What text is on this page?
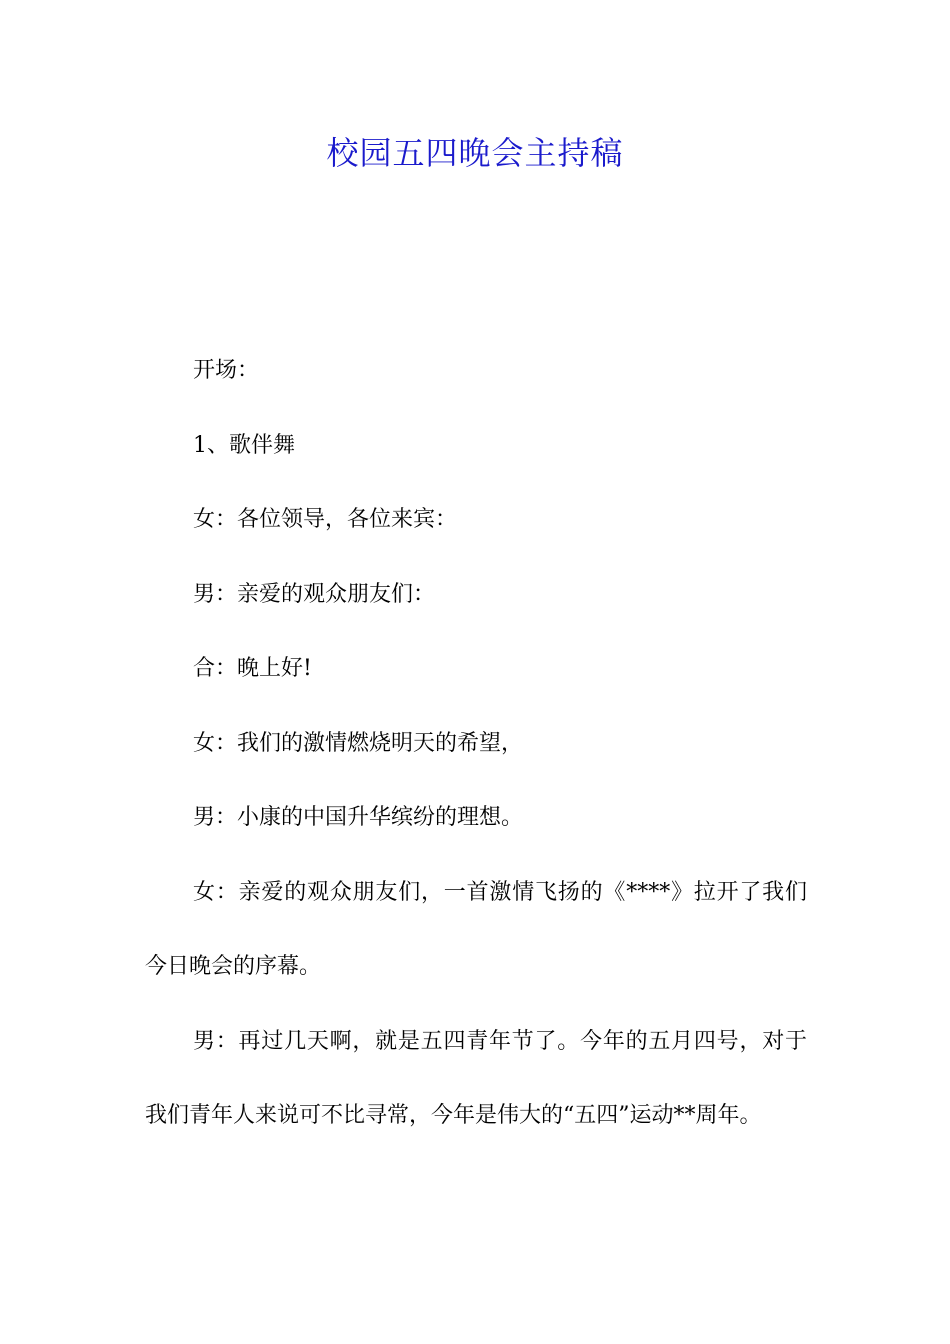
校园五四晚会主持稿

开场：

1、歌伴舞

女：各位领导，各位来宾：

男：亲爱的观众朋友们：

合：晚上好!

女：我们的激情燃烧明天的希望，

男：小康的中国升华缤纷的理想。

女：亲爱的观众朋友们，一首激情飞扬的《****》拉开了我们今日晚会的序幕。

男：再过几天啊，就是五四青年节了。今年的五月四号，对于我们青年人来说可不比寻常，今年是伟大的“五四”运动**周年。
